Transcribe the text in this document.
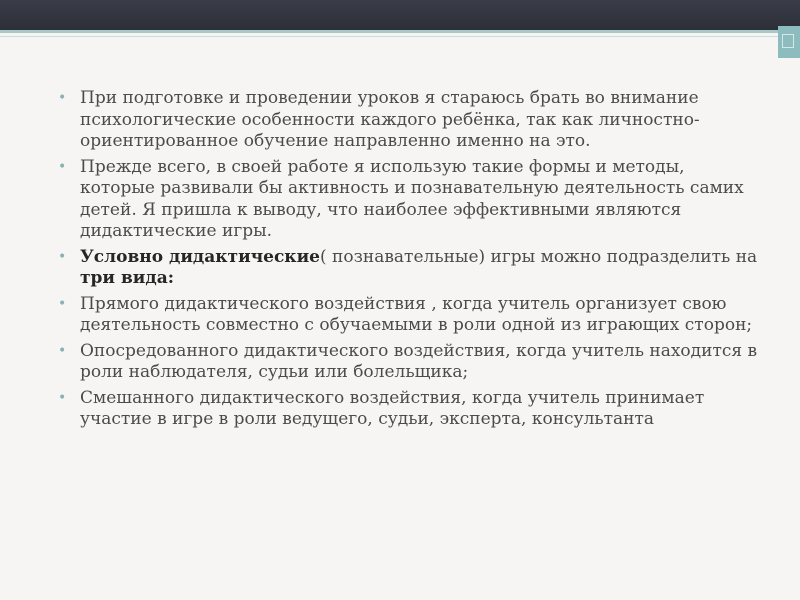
• При подготовке и проведении уроков я стараюсь брать во внимание психологические особенности каждого ребёнка, так как личностно-ориентированное обучение направленно именно на это.
• Прежде всего, в своей работе я использую такие формы и методы, которые развивали бы активность и познавательную деятельность самих детей. Я пришла к выводу, что наиболее эффективными являются дидактические игры.
• Условно дидактические( познавательные) игры можно подразделить на три вида:
• Прямого дидактического воздействия , когда учитель организует свою деятельность совместно с обучаемыми в роли одной из играющих сторон;
• Опосредованного дидактического воздействия, когда учитель находится в роли наблюдателя, судьи или болельщика;
• Смешанного дидактического воздействия, когда учитель принимает участие в игре в роли ведущего, судьи, эксперта, консультанта
